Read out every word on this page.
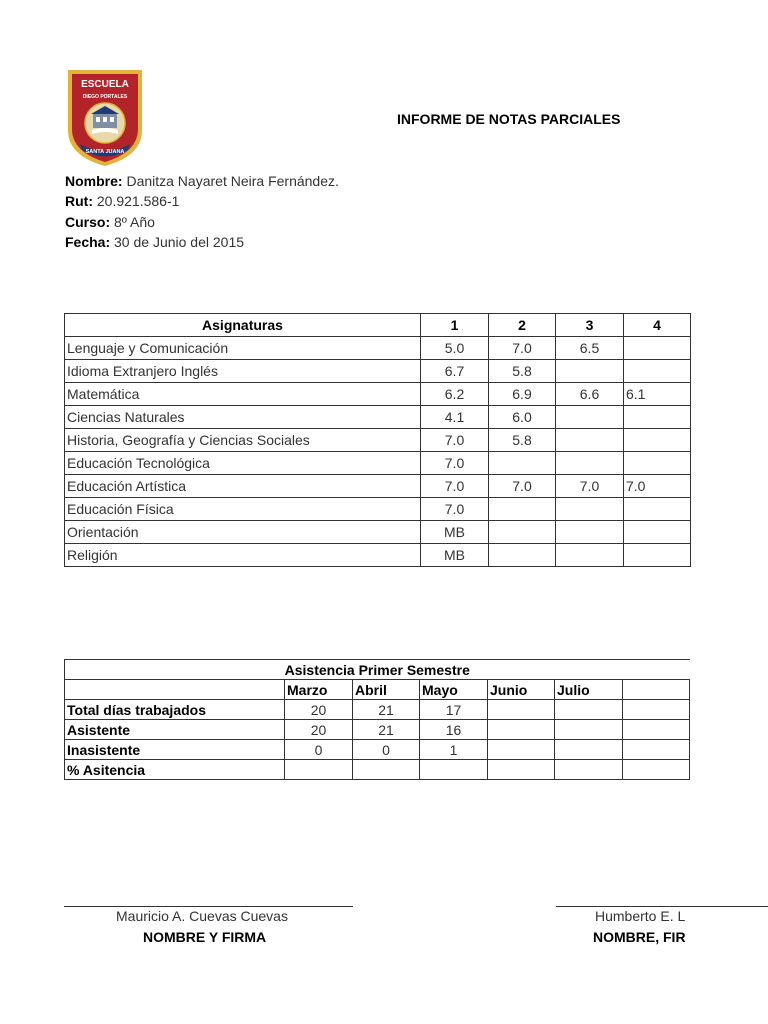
ESCUELA
DIEGO PORTALES
SANTA JUANA
INFORME DE NOTAS PARCIALES
Nombre: Danitza Nayaret Neira Fernández.
Rut: 20.921.586-1
Curso: 8º Año
Fecha: 30 de Junio del 2015
Asignaturas	1	2	3	4
Lenguaje y Comunicación	5.0	7.0	6.5	
Idioma Extranjero Inglés	6.7	5.8		
Matemática	6.2	6.9	6.6	6.1
Ciencias Naturales	4.1	6.0		
Historia, Geografía y Ciencias Sociales	7.0	5.8		
Educación Tecnológica	7.0			
Educación Artística	7.0	7.0	7.0	7.0
Educación Física	7.0			
Orientación	MB			
Religión	MB			
Asistencia Primer Semestre						
	Marzo	Abril	Mayo	Junio	Julio	
Total días trabajados	20	21	17			
Asistente	20	21	16			
Inasistente	0	0	1			
% Asitencia						
Mauricio A. Cuevas Cuevas
NOMBRE Y FIRMA
Humberto E. L
NOMBRE, FIR
